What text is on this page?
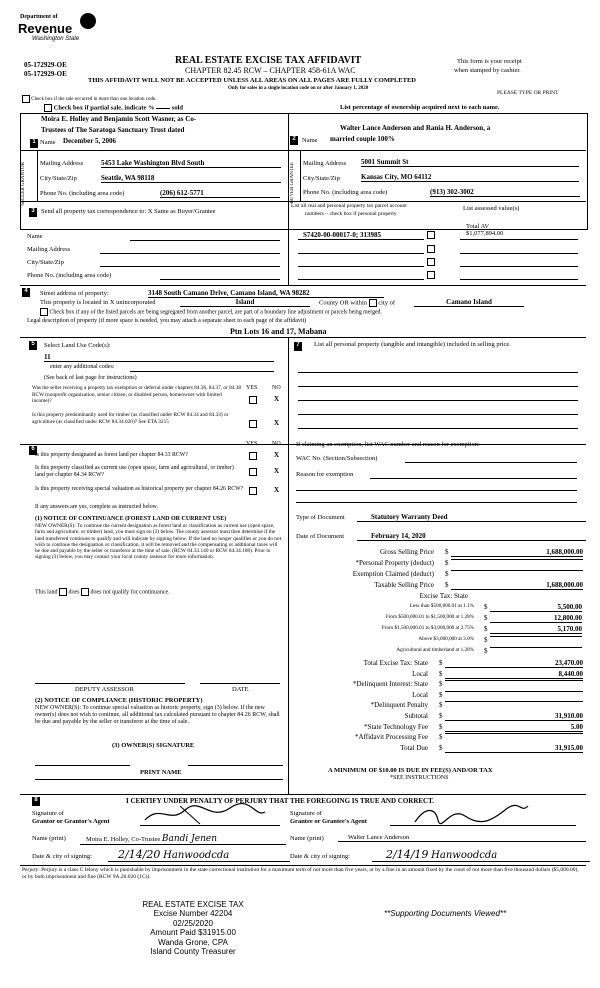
Department of
Revenue
Washington State
05-172929-OE
05-172929-OE
REAL ESTATE EXCISE TAX AFFIDAVIT
CHAPTER 82.45 RCW – CHAPTER 458-61A WAC
THIS AFFIDAVIT WILL NOT BE ACCEPTED UNLESS ALL AREAS ON ALL PAGES ARE FULLY COMPLETED
Only for sales in a single location code on or after January 1, 2020
This form is your receipt
when stamped by cashier.
PLEASE TYPE OR PRINT
Check box if the sale occurred in more than one location code.
Check box if partial sale, indicate %	sold	List percentage of ownership acquired next to each name.
1
Moira E. Holley and Benjamin Scott Wasner, as Co-
Trustees of The Saratoga Sanctuary Trust dated
Name December 5, 2006
SELLER GRANTOR Mailing Address	5453 Lake Washington Blvd South
City/State/Zip	Seattle, WA 98118
Phone No. (including area code)	(206) 612-5771
2
Walter Lance Anderson and Rania H. Anderson, a
Name married couple 100%
BUYER GRANTEE Mailing Address 5001 Summit St
City/State/Zip	Kansas City, MO 64112
Phone No. (including area code)	(913) 302-3002
3 Send all property tax correspondence to: X Same as Buyer/Grantee
Name
Mailing Address
City/State/Zip
Phone No. (including area code)
List all real and personal property tax parcel account
numbers – check box if personal property
List assessed value(s)
Total AV
$1,077,894.00
S7420-00-00017-0; 313985
4	Street address of property:	3148 South Camano Drive, Camano Island, WA 98282
This property is located in X unincorporated	Island	County OR within city of	Camano Island
Check box if any of the listed parcels are being segregated from another parcel, are part of a boundary line adjustment or parcels being merged.
Legal description of property (if more space is needed, you may attach a separate sheet to each page of the affidavit)
Ptn Lots 16 and 17, Mabana
5	Select Land Use Code(s):
11
enter any additional codes:
(See back of last page for instructions)
YES NO
Was the seller receiving a property tax exemption or deferral under chapters 84.36, 84.37, or 84.38 RCW (nonprofit organization, senior citizen, or disabled person, homeowner with limited income)?	X
Is this property predominantly used for timber (as classified under RCW 84.34 and 84.33) or agriculture (as classified under RCW 84.34.020)? See ETA 3215	X
7	List all personal property (tangible and intangible) included in selling price.
6
YES NO
Is this property designated as forest land per chapter 84.33 RCW?	X
Is this property classified as current use (open space, farm and agricultural, or timber) land per chapter 84.34 RCW?	X
Is this property receiving special valuation as historical property per chapter 84.26 RCW?	X
If any answers are yes, complete as instructed below.
(1) NOTICE OF CONTINUANCE (FOREST LAND OR CURRENT USE)
NEW OWNER(S): To continue the current designation as forest land or classification as current use (open space, farm and agriculture, or timber) land, you must sign on (3) below. The county assessor must then determine if the land transferred continues to qualify and will indicate by signing below. If the land no longer qualifies or you do not wish to continue the designation or classification, it will be removed and the compensating or additional taxes will be due and payable by the seller or transferor at the time of sale. (RCW 84.33.140 or RCW 84.34.108). Prior to signing (3) below, you may contact your local county assessor for more information.
This land does does not qualify for continuance.
DEPUTY ASSESSOR	DATE
(2) NOTICE OF COMPLIANCE (HISTORIC PROPERTY)
NEW OWNER(S): To continue special valuation as historic property, sign (3) below. If the new owner(s) does not wish to continue, all additional tax calculated pursuant to chapter 84.26 RCW, shall be due and payable by the seller or transferor at the time of sale.
(3) OWNER(S) SIGNATURE
PRINT NAME
If claiming an exemption, list WAC number and reason for exemption:
WAC No. (Section/Subsection)
Reason for exemption
Type of Document	Statutory Warranty Deed
Date of Document	February 14, 2020
Gross Selling Price $	1,688,000.00
*Personal Property (deduct) $
Exemption Claimed (deduct) $
Taxable Selling Price $	1,688,000.00
Excise Tax: State
Less than $500,000.01 at 1.1% $	5,500.00
From $500,000.01 to $1,500,000 at 1.28% $	12,800.00
From $1,500,000.01 to $3,000,000 at 2.75% $	5,170.00
Above $3,000,000 at 3.0% $
Agricultural and timberland at 1.28% $
Total Excise Tax: State $	23,470.00
Local $	8,440.00
*Delinquent Interest: State $
Local $
*Delinquent Penalty $
Subtotal $	31,910.00
*State Technology Fee $	5.00
*Affidavit Processing Fee $
Total Due $	31,915.00
A MINIMUM OF $10.00 IS DUE IN FEE(S) AND/OR TAX
*SEE INSTRUCTIONS
8	I CERTIFY UNDER PENALTY OF PERJURY THAT THE FOREGOING IS TRUE AND CORRECT.
Signature of
Grantor or Grantor's Agent
Signature of
Grantee or Grantee's Agent
Name (print)	Moira E. Holley, Co-Trustee Bandi Jenen	Name (print)	Walter Lance Anderson
Date & city of signing:	2/14/20 Hanwoodcda	Date & city of signing:	2/14/19 Hanwoodcda
Perjury: Perjury is a class C felony which is punishable by imprisonment in the state correctional institution for a maximum term of not more than five years, or by a fine in an amount fixed by the court of not more than five thousand dollars ($5,000.00), or by both imprisonment and fine (RCW 9A.20.020 (1C)).
REAL ESTATE EXCISE TAX
Excise Number 42204
02/25/2020
Amount Paid $31915.00
Wanda Grone, CPA
Island County Treasurer
**Supporting Documents Viewed**
